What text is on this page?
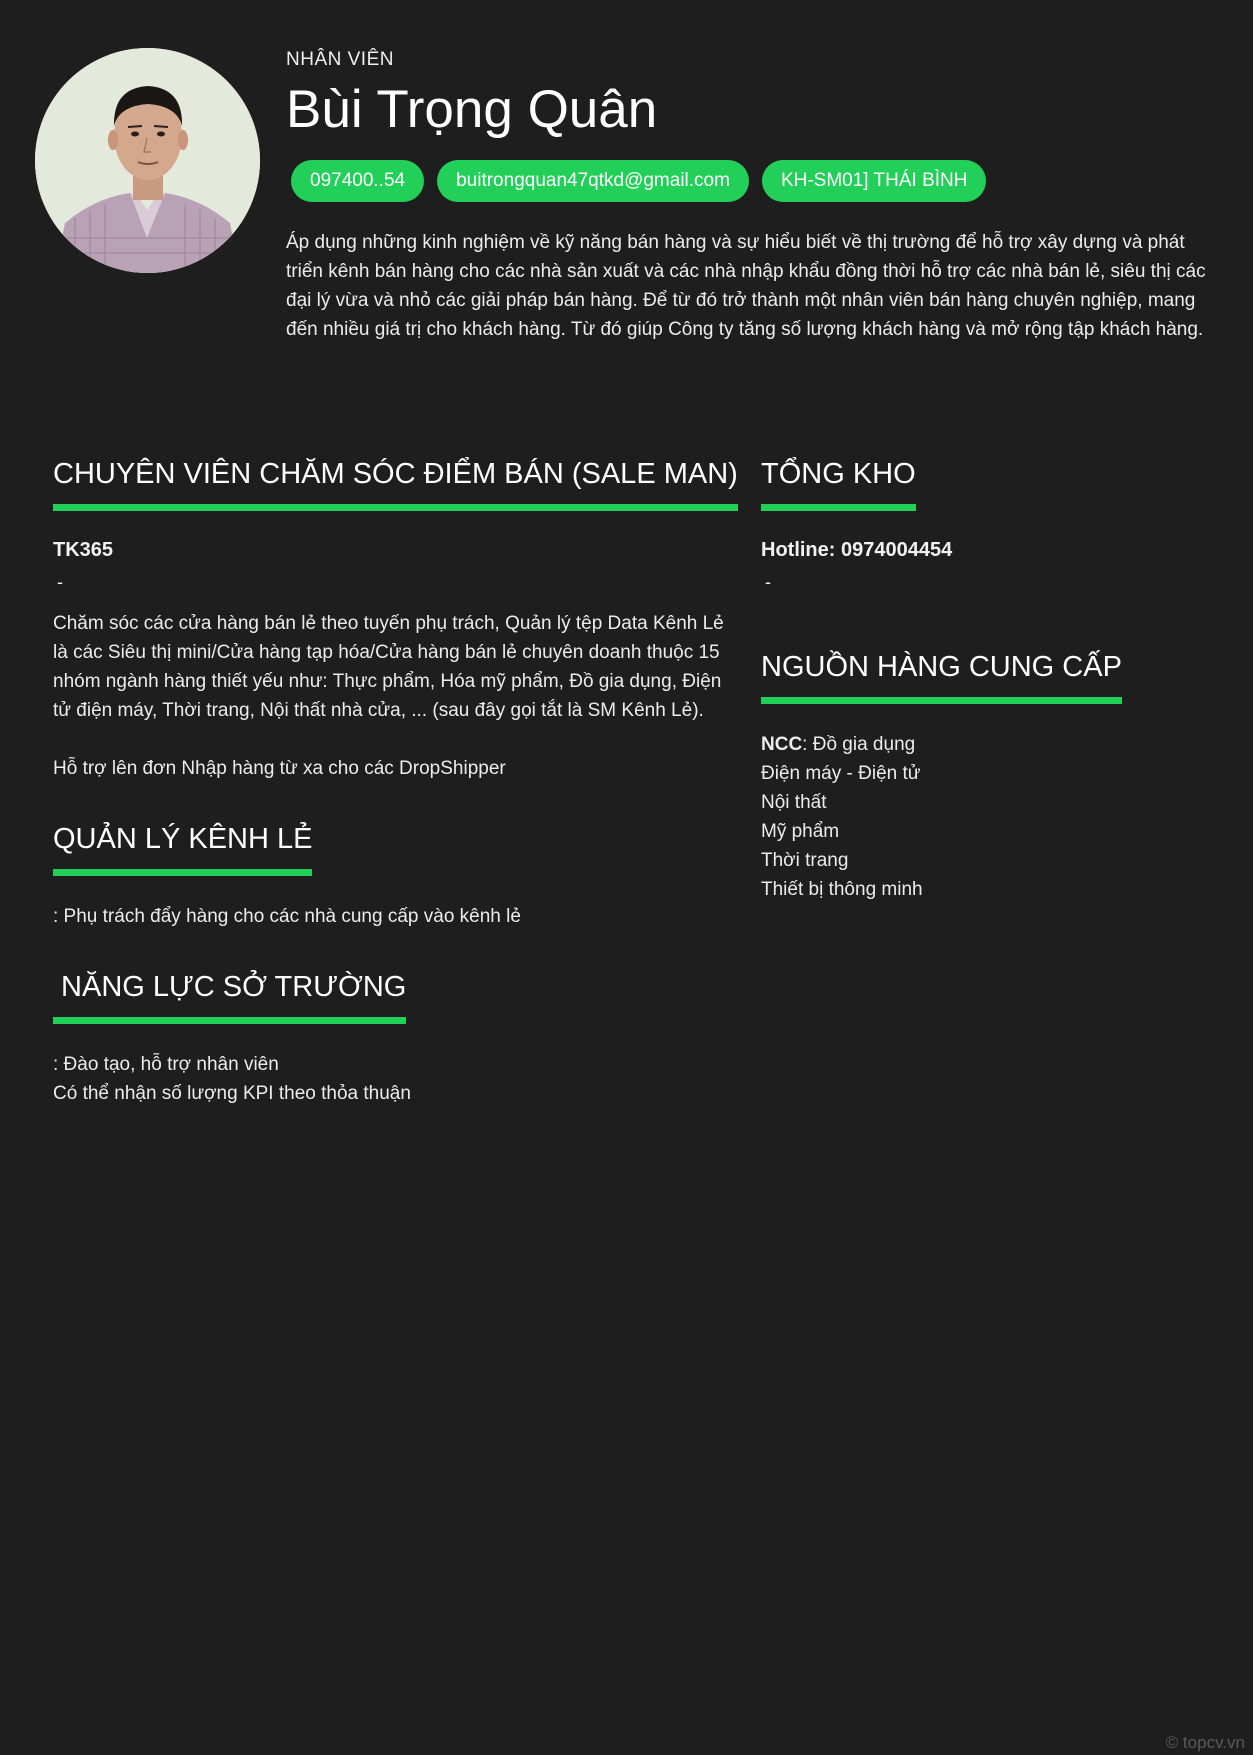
NHÂN VIÊN
Bùi Trọng Quân
097400..54	buitrongquan47qtkd@gmail.com	KH-SM01] THÁI BÌNH
Áp dụng những kinh nghiệm về kỹ năng bán hàng và sự hiểu biết về thị trường để hỗ trợ xây dựng và phát triển kênh bán hàng cho các nhà sản xuất và các nhà nhập khẩu đồng thời hỗ trợ các nhà bán lẻ, siêu thị các đại lý vừa và nhỏ các giải pháp bán hàng. Để từ đó trở thành một nhân viên bán hàng chuyên nghiệp, mang đến nhiều giá trị cho khách hàng. Từ đó giúp Công ty tăng số lượng khách hàng và mở rộng tập khách hàng.
CHUYÊN VIÊN CHĂM SÓC ĐIỂM BÁN (SALE MAN)
TK365
-
Chăm sóc các cửa hàng bán lẻ theo tuyến phụ trách, Quản lý tệp Data Kênh Lẻ là các Siêu thị mini/Cửa hàng tạp hóa/Cửa hàng bán lẻ chuyên doanh thuộc 15 nhóm ngành hàng thiết yếu như: Thực phẩm, Hóa mỹ phẩm, Đồ gia dụng, Điện tử điện máy, Thời trang, Nội thất nhà cửa, ... (sau đây gọi tắt là SM Kênh Lẻ).
Hỗ trợ lên đơn Nhập hàng từ xa cho các DropShipper
QUẢN LÝ KÊNH LẺ
: Phụ trách đẩy hàng cho các nhà cung cấp vào kênh lẻ
NĂNG LỰC SỞ TRƯỜNG
: Đào tạo, hỗ trợ nhân viên
Có thể nhận số lượng KPI theo thỏa thuận
TỔNG KHO
Hotline: 0974004454
-
NGUỒN HÀNG CUNG CẤP
NCC: Đồ gia dụng
Điện máy - Điện tử
Nội thất
Mỹ phẩm
Thời trang
Thiết bị thông minh
© topcv.vn
